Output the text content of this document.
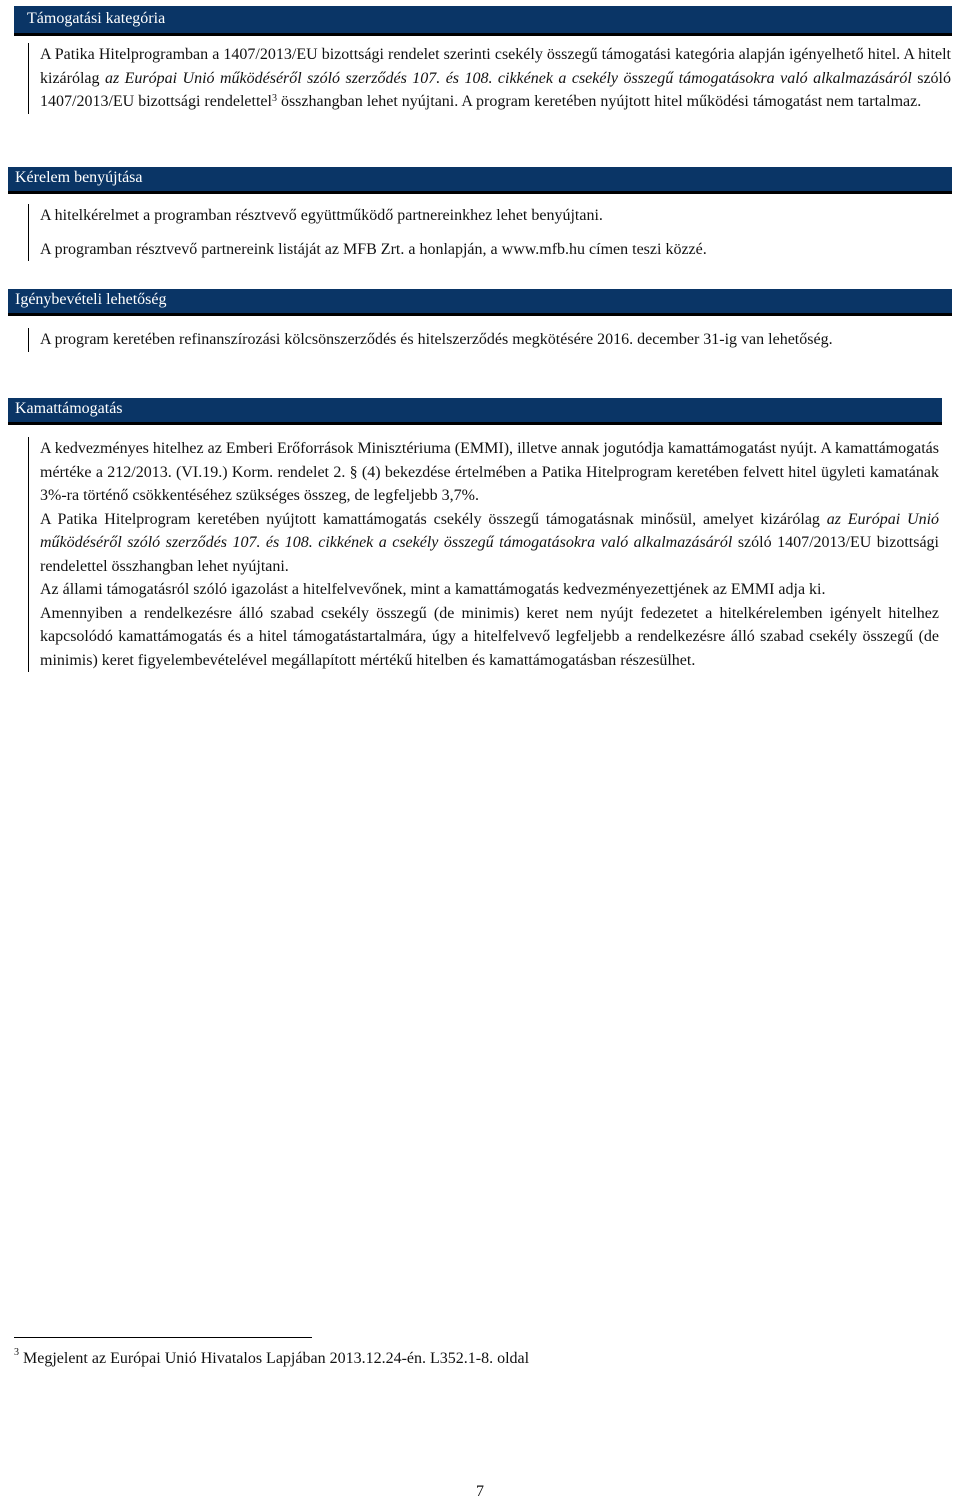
Támogatási kategória

A Patika Hitelprogramban a 1407/2013/EU bizottsági rendelet szerinti csekély összegű támogatási kategória alapján igényelhető hitel. A hitelt kizárólag az Európai Unió működéséről szóló szerződés 107. és 108. cikkének a csekély összegű támogatásokra való alkalmazásáról szóló 1407/2013/EU bizottsági rendelettel$^3$ összhangban lehet nyújtani. A program keretében nyújtott hitel működési támogatást nem tartalmaz.

Kérelem benyújtása

A hitelkérelmet a programban résztvevő együttműködő partnereinkhez lehet benyújtani.

A programban résztvevő partnereink listáját az MFB Zrt. a honlapján, a www.mfb.hu címen teszi közzé.

Igénybevételi lehetőség

A program keretében refinanszírozási kölcsönszerződés és hitelszerződés megkötésére 2016. december 31-ig van lehetőség.

Kamattámogatás

A kedvezményes hitelhez az Emberi Erőforrások Minisztériuma (EMMI), illetve annak jogutódja kamattámogatást nyújt. A kamattámogatás mértéke a 212/2013. (VI.19.) Korm. rendelet 2. § (4) bekezdése értelmében a Patika Hitelprogram keretében felvett hitel ügyleti kamatának 3%-ra történő csökkentéséhez szükséges összeg, de legfeljebb 3,7%.

A Patika Hitelprogram keretében nyújtott kamattámogatás csekély összegű támogatásnak minősül, amelyet kizárólag az Európai Unió működéséről szóló szerződés 107. és 108. cikkének a csekély összegű támogatásokra való alkalmazásáról szóló 1407/2013/EU bizottsági rendelettel összhangban lehet nyújtani.

Az állami támogatásról szóló igazolást a hitelfelvevőnek, mint a kamattámogatás kedvezményezettjének az EMMI adja ki.

Amennyiben a rendelkezésre álló szabad csekély összegű (de minimis) keret nem nyújt fedezetet a hitelkérelemben igényelt hitelhez kapcsolódó kamattámogatás és a hitel támogatástartalmára, úgy a hitelfelvevő legfeljebb a rendelkezésre álló szabad csekély összegű (de minimis) keret figyelembevételével megállapított mértékű hitelben és kamattámogatásban részesülhet.

$^3$ Megjelent az Európai Unió Hivatalos Lapjában 2013.12.24-én. L352.1-8. oldal
7
